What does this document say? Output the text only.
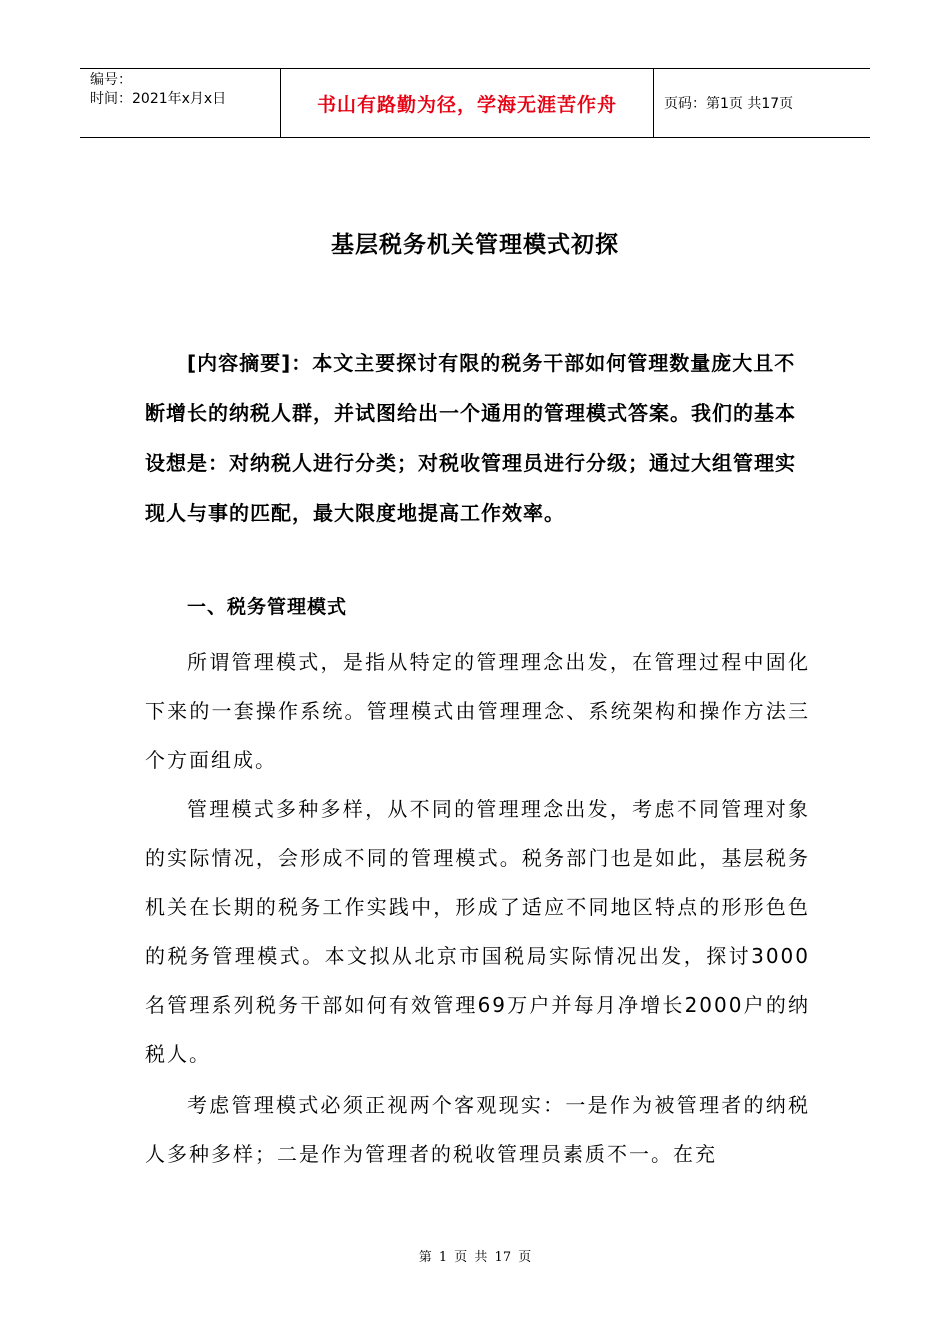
编号：
时间：2021年x月x日	书山有路勤为径，学海无涯苦作舟	页码：第1页 共17页
基层税务机关管理模式初探

[内容摘要]：本文主要探讨有限的税务干部如何管理数量庞大且不断增长的纳税人群，并试图给出一个通用的管理模式答案。我们的基本设想是：对纳税人进行分类；对税收管理员进行分级；通过大组管理实现人与事的匹配，最大限度地提高工作效率。

一、税务管理模式

所谓管理模式，是指从特定的管理理念出发，在管理过程中固化下来的一套操作系统。管理模式由管理理念、系统架构和操作方法三个方面组成。

管理模式多种多样，从不同的管理理念出发，考虑不同管理对象的实际情况，会形成不同的管理模式。税务部门也是如此，基层税务机关在长期的税务工作实践中，形成了适应不同地区特点的形形色色的税务管理模式。本文拟从北京市国税局实际情况出发，探讨3000名管理系列税务干部如何有效管理69万户并每月净增长2000户的纳税人。

考虑管理模式必须正视两个客观现实：一是作为被管理者的纳税人多种多样；二是作为管理者的税收管理员素质不一。在充

第 1 页 共 17 页
